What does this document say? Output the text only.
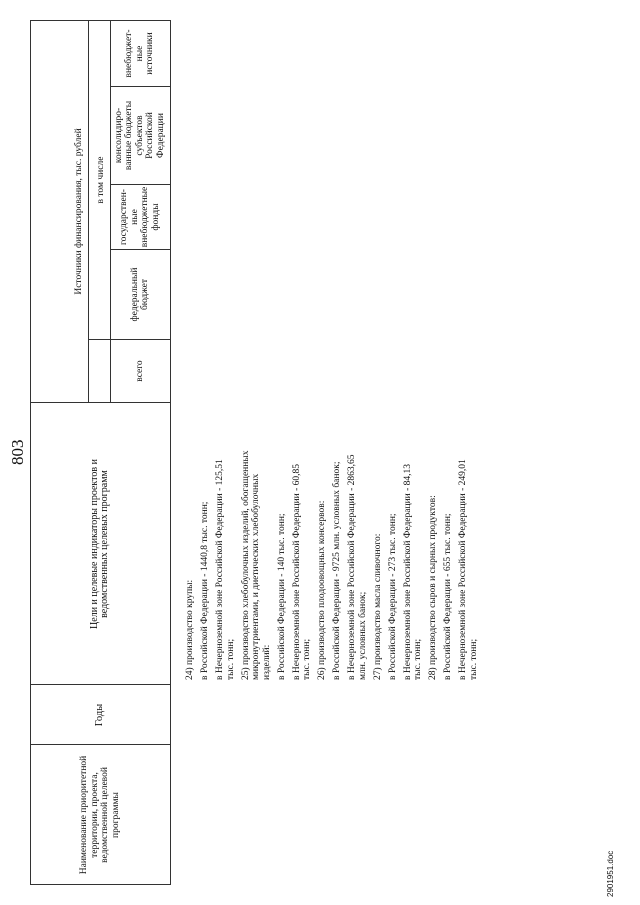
Наименование приоритетной территории, проекта, ведомственной целевой программы
Годы
Цели и целевые индикаторы проектов и ведомственных целевых программ
Источники финансирования, тыс. рублей
всего
в том числе
федеральный бюджет
государствен-ные внебюджетные фонды
консолидиро-ванные бюджеты субъектов Российской Федерации
внебюджет-ные источники
803
24) производство крупы: в Российской Федерации - 1440,8 тыс. тонн; в Нечерноземной зоне Российской Федерации - 125,51 тыс. тонн; 25) производство хлебобулочных изделий, обогащенных микронутриентами, и диетических хлебобулочных изделий: в Российской Федерации - 140 тыс. тонн; в Нечерноземной зоне Российской Федерации - 60,85 тыс. тонн; 26) производство плодоовощных консервов: в Российской Федерации - 9725 млн. условных банок; в Нечерноземной зоне Российской Федерации - 2863,65 млн. условных банок; 27) производство масла сливочного: в Российской Федерации - 273 тыс. тонн; в Нечерноземной зоне Российской Федерации - 84,13 тыс. тонн; 28) производство сыров и сырных продуктов: в Российской Федерации - 655 тыс. тонн; в Нечерноземной зоне Российской Федерации - 249,01 тыс. тонн;
2901951.doc
